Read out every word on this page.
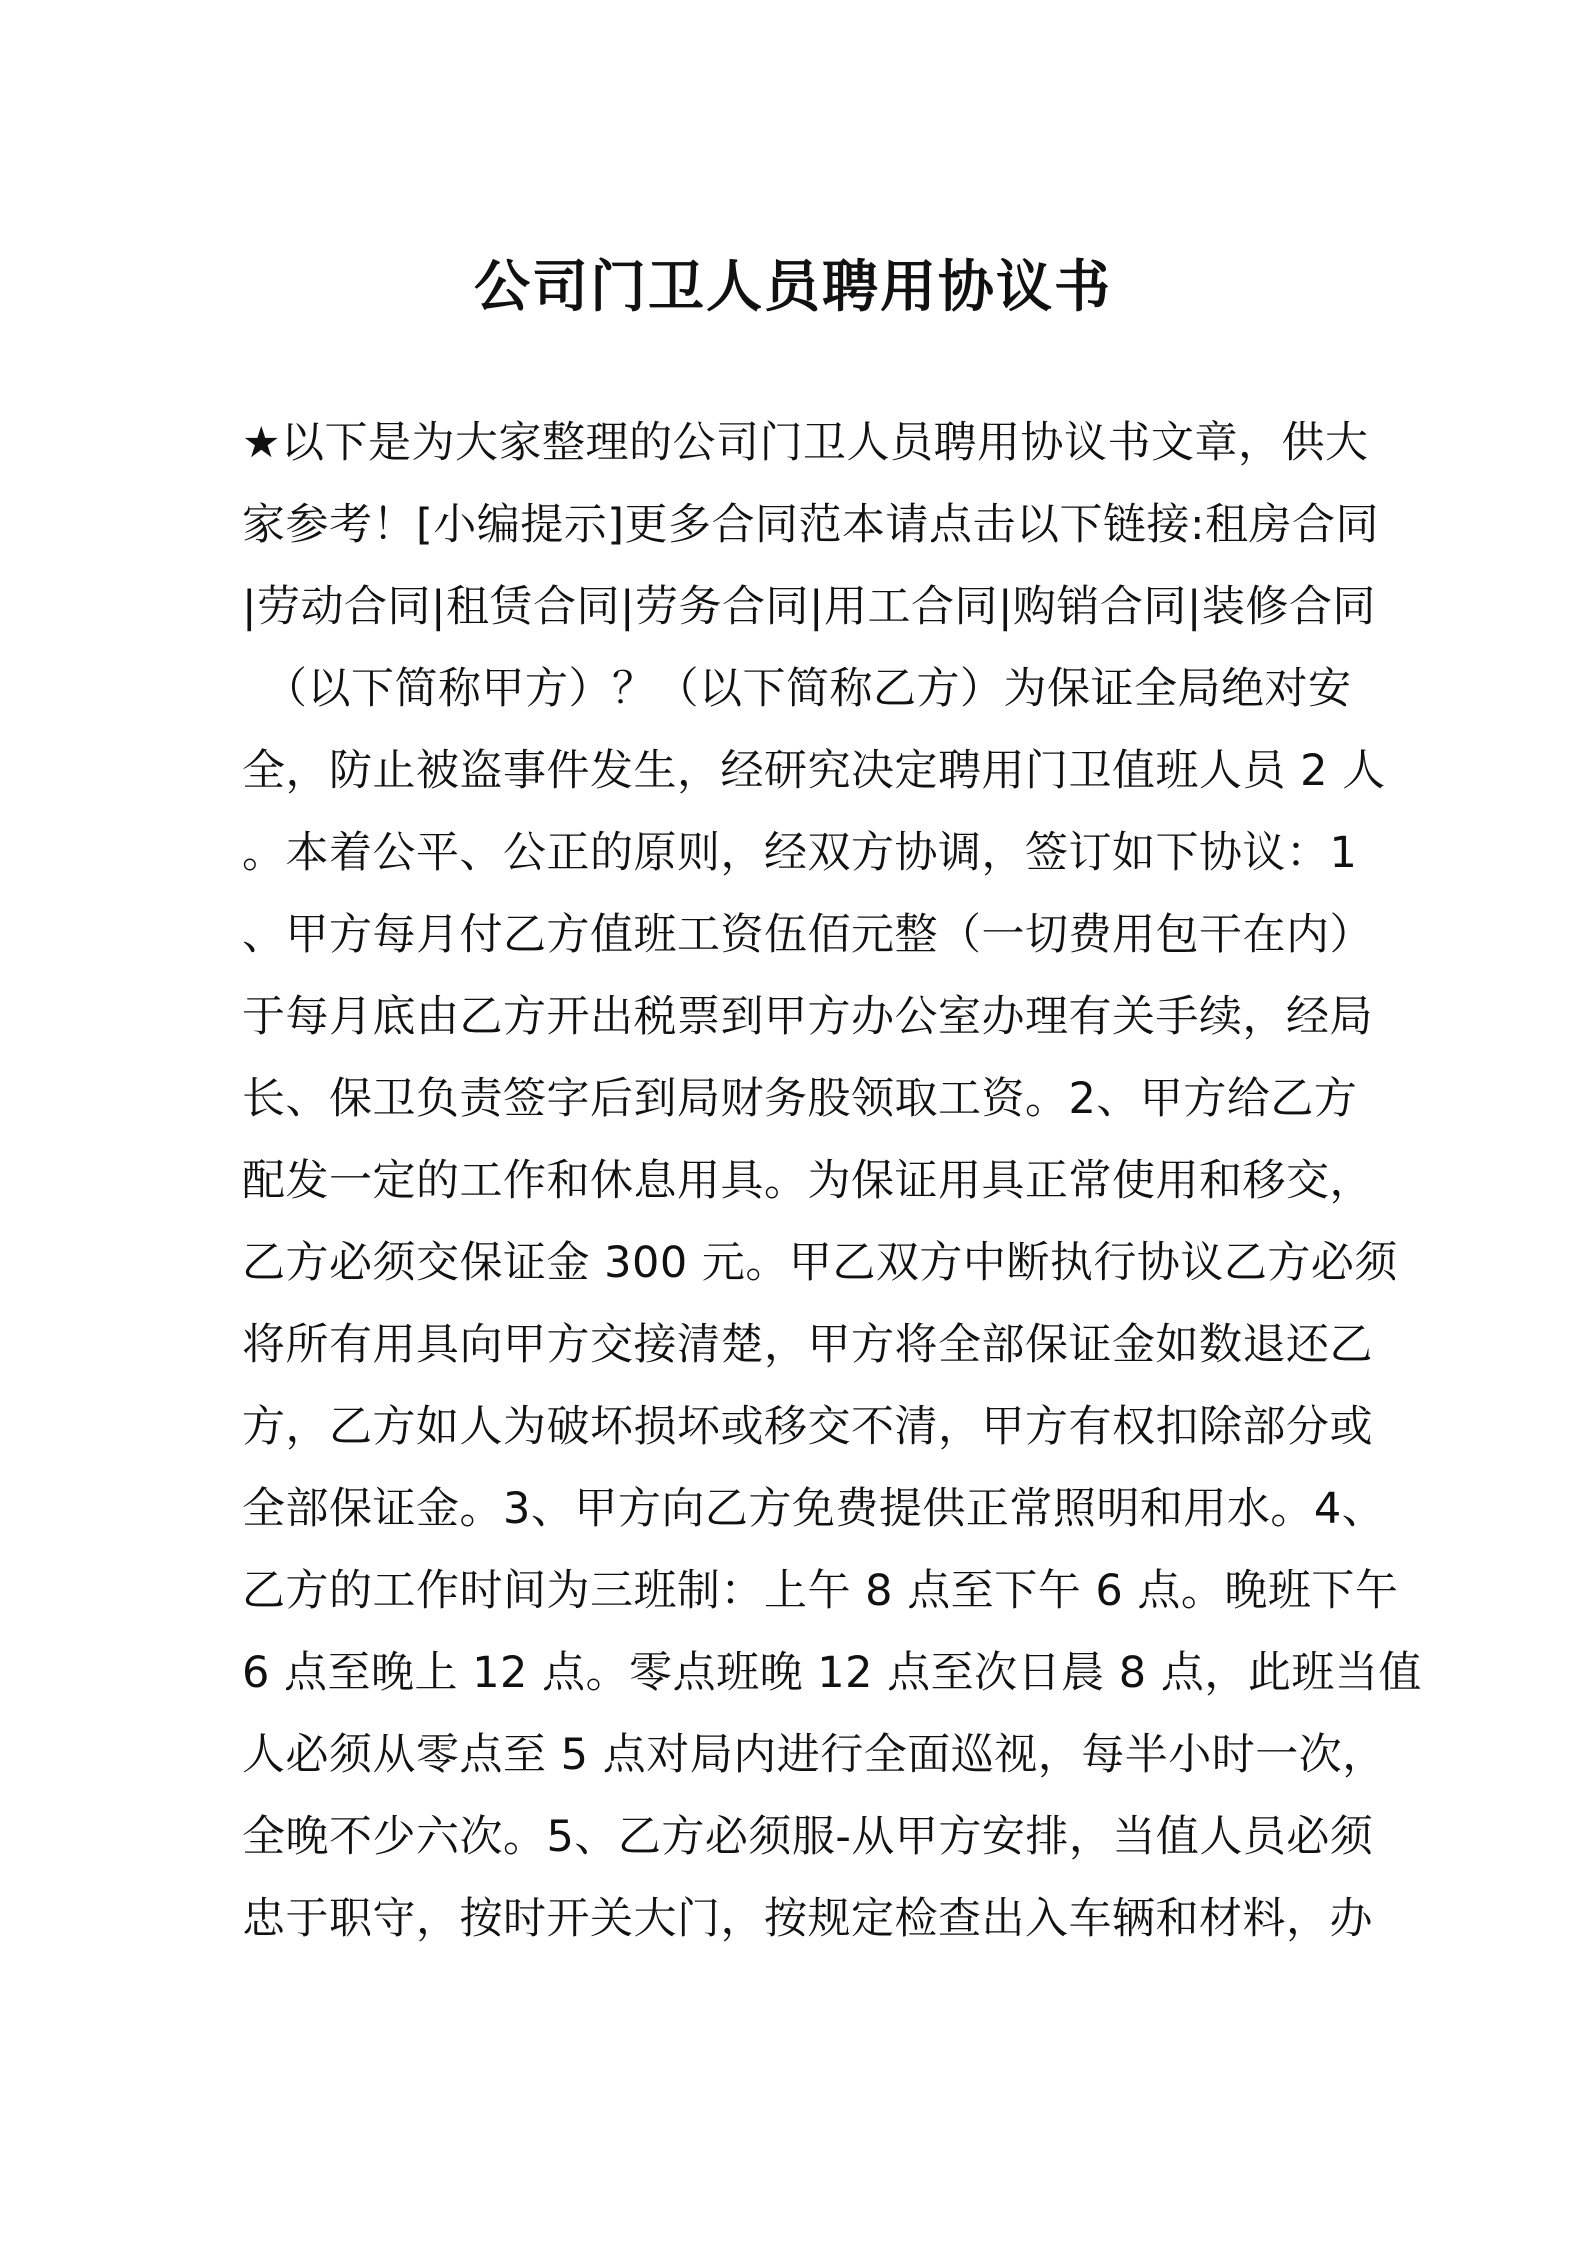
公司门卫人员聘用协议书
★以下是为大家整理的公司门卫人员聘用协议书文章，供大
家参考！[小编提示]更多合同范本请点击以下链接:租房合同
|劳动合同|租赁合同|劳务合同|用工合同|购销合同|装修合同
（以下简称甲方）？（以下简称乙方）为保证全局绝对安
全，防止被盗事件发生，经研究决定聘用门卫值班人员 2 人
。本着公平、公正的原则，经双方协调，签订如下协议：1
、甲方每月付乙方值班工资伍佰元整（一切费用包干在内）
于每月底由乙方开出税票到甲方办公室办理有关手续，经局
长、保卫负责签字后到局财务股领取工资。2、甲方给乙方
配发一定的工作和休息用具。为保证用具正常使用和移交，
乙方必须交保证金 300 元。甲乙双方中断执行协议乙方必须
将所有用具向甲方交接清楚，甲方将全部保证金如数退还乙
方，乙方如人为破坏损坏或移交不清，甲方有权扣除部分或
全部保证金。3、甲方向乙方免费提供正常照明和用水。4、
乙方的工作时间为三班制：上午 8 点至下午 6 点。晚班下午
6 点至晚上 12 点。零点班晚 12 点至次日晨 8 点，此班当值
人必须从零点至 5 点对局内进行全面巡视，每半小时一次，
全晚不少六次。5、乙方必须服-从甲方安排，当值人员必须
忠于职守，按时开关大门，按规定检查出入车辆和材料，办
